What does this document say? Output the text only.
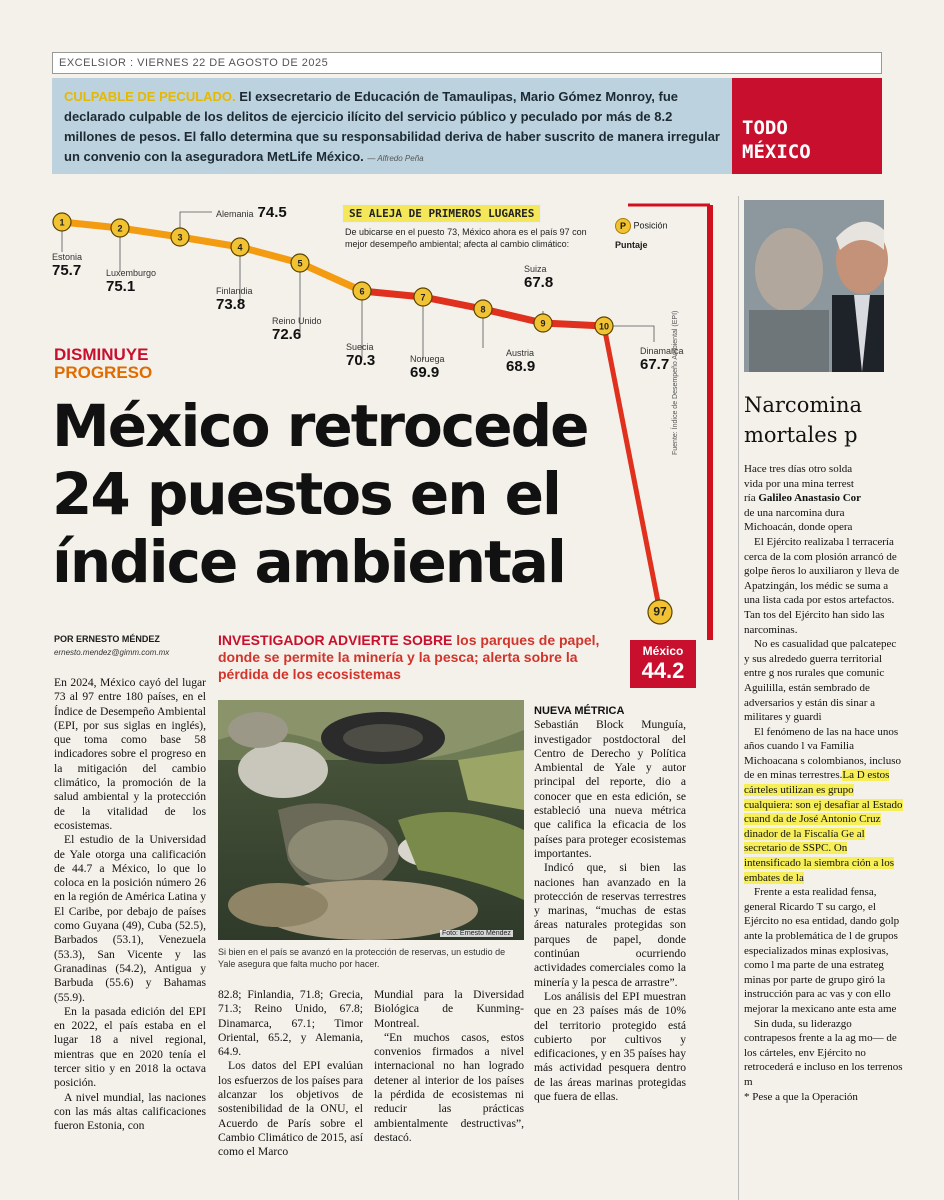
EXCELSIOR : VIERNES 22 DE AGOSTO DE 2025
CULPABLE DE PECULADO. El exsecretario de Educación de Tamaulipas, Mario Gómez Monroy, fue declarado culpable de los delitos de ejercicio ilícito del servicio público y peculado por más de 8.2 millones de pesos. El fallo determina que su responsabilidad deriva de haber suscrito de manera irregular un convenio con la aseguradora MetLife México. — Alfredo Peña
TODO
MÉXICO
1
2
3
4
5
6
7
8
9	10
97
SE ALEJA DE PRIMEROS LUGARES
De ubicarse en el puesto 73, México ahora es el país 97 con mejor desempeño ambiental; afecta al cambio climático:
P Posición
Puntaje
Fuente: Índice de Desempeño Ambiental (EPI)
Estonia
75.7	Luxemburgo
75.1
Alemania 74.5
Finlandia
73.8
Reino Unido
72.6
Suecia
70.3	Noruega
69.9
Austria
68.9
Suiza
67.8
Dinamarca
67.7
DISMINUYE
PROGRESO
México retrocede
24 puestos en el
índice ambiental
POR ERNESTO MÉNDEZ
ernesto.mendez@gimm.com.mx
INVESTIGADOR ADVIERTE SOBRE los parques de papel, donde se permite la minería y la pesca; alerta sobre la pérdida de los ecosistemas
México
44.2

En 2024, México cayó del lugar 73 al 97 entre 180 países, en el Índice de Desempeño Ambiental (EPI, por sus siglas en inglés), que toma como base 58 indicadores sobre el progreso en la mitigación del cambio climático, la promoción de la salud ambiental y la protección de la vitalidad de los ecosistemas.

El estudio de la Universidad de Yale otorga una calificación de 44.7 a México, lo que lo coloca en la posición número 26 en la región de América Latina y El Caribe, por debajo de países como Guyana (49), Cuba (52.5), Barbados (53.1), Venezuela (53.3), San Vicente y las Granadinas (54.2), Antigua y Barbuda (55.6) y Bahamas (55.9).

En la pasada edición del EPI en 2022, el país estaba en el lugar 18 a nivel regional, mientras que en 2020 tenía el tercer sitio y en 2018 la octava posición.

A nivel mundial, las naciones con las más altas calificaciones fueron Estonia, con

Foto: Ernesto Méndez
Si bien en el país se avanzó en la protección de reservas, un estudio de Yale asegura que falta mucho por hacer.

82.8; Finlandia, 71.8; Grecia, 71.3; Reino Unido, 67.8; Dinamarca, 67.1; Timor Oriental, 65.2, y Alemania, 64.9.

Los datos del EPI evalúan los esfuerzos de los países para alcanzar los objetivos de sostenibilidad de la ONU, el Acuerdo de París sobre el Cambio Climático de 2015, así como el Marco

Mundial para la Diversidad Biológica de Kunming-Montreal.

“En muchos casos, estos convenios firmados a nivel internacional no han logrado detener al interior de los países la pérdida de ecosistemas ni reducir las prácticas ambientalmente destructivas”, destacó.

NUEVA MÉTRICA

Sebastián Block Munguía, investigador postdoctoral del Centro de Derecho y Política Ambiental de Yale y autor principal del reporte, dio a conocer que en esta edición, se estableció una nueva métrica que califica la eficacia de los países para proteger ecosistemas importantes.

Indicó que, si bien las naciones han avanzado en la protección de reservas terrestres y marinas, “muchas de estas áreas naturales protegidas son parques de papel, donde continúan ocurriendo actividades comerciales como la minería y la pesca de arrastre”.

Los análisis del EPI muestran que en 23 países más de 10% del territorio protegido está cubierto por cultivos y edificaciones, y en 35 países hay más actividad pesquera dentro de las áreas marinas protegidas que fuera de ellas.

Narcomina
mortales p

Hace tres días otro solda
vida por una mina terrest
ría Galileo Anastasio Cor
de una narcomina dura
Michoacán, donde opera

El Ejército realizaba l terracería cerca de la com plosión arrancó de golpe ñeros lo auxiliaron y lleva de Apatzingán, los médic se suma a una lista cada por estos artefactos. Tan tos del Ejército han sido las narcominas.

No es casualidad que palcatepec y sus alrededo guerra territorial entre g nos rurales que comunic Aguililla, están sembrado de adversarios y están dis sinar a militares y guardi

El fenómeno de las na hace unos años cuando l va Familia Michoacana s colombianos, incluso de en minas terrestres.La D estos cárteles utilizan es grupo cualquiera: son ej desafiar al Estado cuand da de José Antonio Cruz dinador de la Fiscalía Ge al secretario de SSPC. On intensificado la siembra ción a los embates de la

Frente a esta realidad fensa, general Ricardo T su cargo, el Ejército no esa entidad, dando golp ante la problemática de l de grupos especializados minas explosivas, como l ma parte de una estrateg minas por parte de grupo giró la instrucción para ac vas y con ello mejorar la mexicano ante esta ame

Sin duda, su liderazgo contrapesos frente a la ag mo— de los cárteles, env Ejército no retrocederá e incluso en los terrenos m

* Pese a que la Operación
